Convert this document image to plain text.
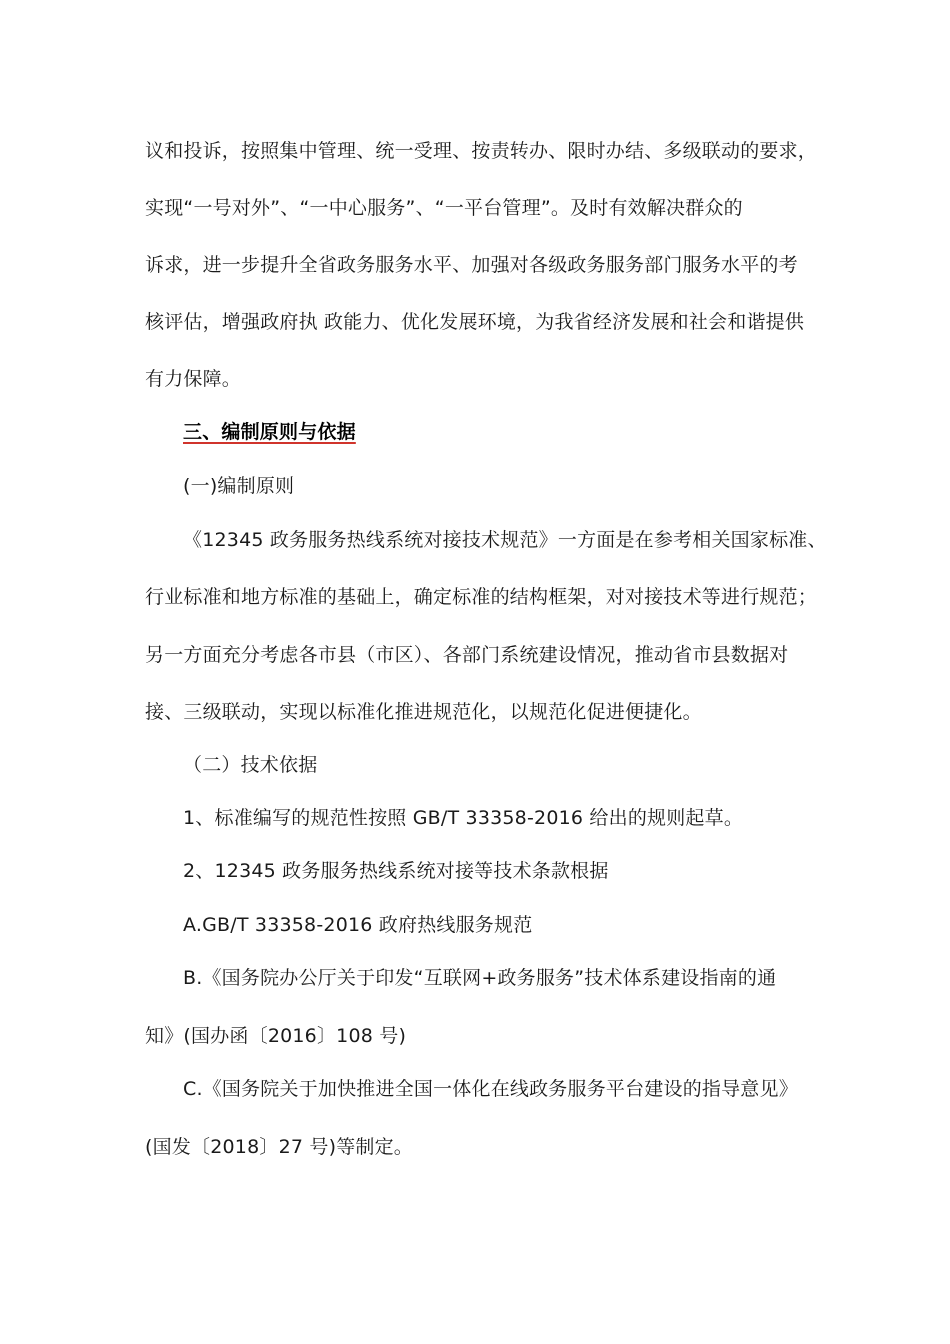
议和投诉，按照集中管理、统一受理、按责转办、限时办结、多级联动的要求，
实现“一号对外”、“一中心服务”、“一平台管理”。及时有效解决群众的
诉求，进一步提升全省政务服务水平、加强对各级政务服务部门服务水平的考
核评估，增强政府执 政能力、优化发展环境，为我省经济发展和社会和谐提供
有力保障。
三、编制原则与依据
(一)编制原则
《12345 政务服务热线系统对接技术规范》一方面是在参考相关国家标准、
行业标准和地方标准的基础上，确定标准的结构框架，对对接技术等进行规范；
另一方面充分考虑各市县（市区）、各部门系统建设情况，推动省市县数据对
接、三级联动，实现以标准化推进规范化，以规范化促进便捷化。
（二）技术依据
1、标准编写的规范性按照 GB/T 33358-2016 给出的规则起草。
2、12345 政务服务热线系统对接等技术条款根据
A.GB/T 33358-2016 政府热线服务规范
B.《国务院办公厅关于印发“互联网+政务服务”技术体系建设指南的通
知》(国办函〔2016〕108 号)
C.《国务院关于加快推进全国一体化在线政务服务平台建设的指导意见》
(国发〔2018〕27 号)等制定。
